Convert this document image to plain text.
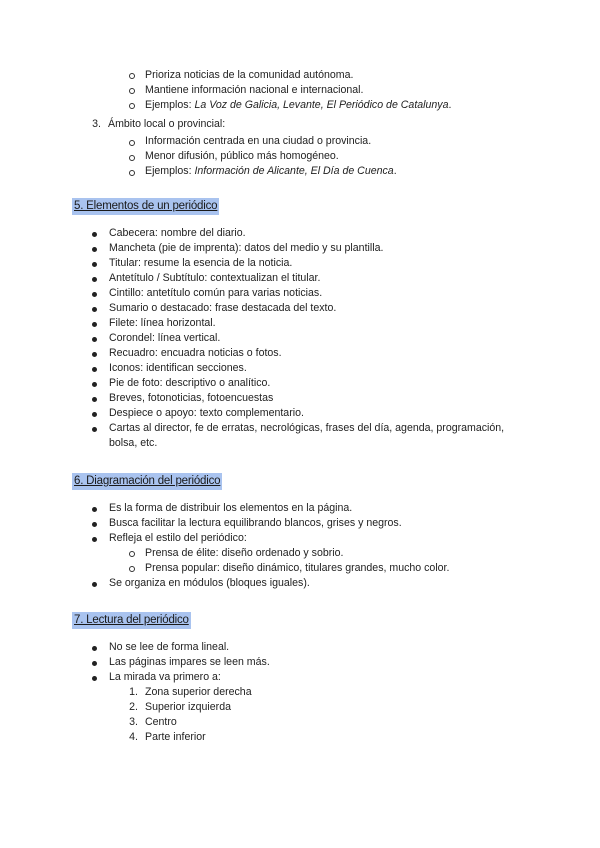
Prioriza noticias de la comunidad autónoma.
Mantiene información nacional e internacional.
Ejemplos: La Voz de Galicia, Levante, El Periódico de Catalunya.
3. Ámbito local o provincial:
Información centrada en una ciudad o provincia.
Menor difusión, público más homogéneo.
Ejemplos: Información de Alicante, El Día de Cuenca.
5. Elementos de un periódico
Cabecera: nombre del diario.
Mancheta (pie de imprenta): datos del medio y su plantilla.
Titular: resume la esencia de la noticia.
Antetítulo / Subtítulo: contextualizan el titular.
Cintillo: antetítulo común para varias noticias.
Sumario o destacado: frase destacada del texto.
Filete: línea horizontal.
Corondel: línea vertical.
Recuadro: encuadra noticias o fotos.
Iconos: identifican secciones.
Pie de foto: descriptivo o analítico.
Breves, fotonoticias, fotoencuestas
Despiece o apoyo: texto complementario.
Cartas al director, fe de erratas, necrológicas, frases del día, agenda, programación,
bolsa, etc.
6. Diagramación del periódico
Es la forma de distribuir los elementos en la página.
Busca facilitar la lectura equilibrando blancos, grises y negros.
Refleja el estilo del periódico:
Prensa de élite: diseño ordenado y sobrio.
Prensa popular: diseño dinámico, titulares grandes, mucho color.
Se organiza en módulos (bloques iguales).
7. Lectura del periódico
No se lee de forma lineal.
Las páginas impares se leen más.
La mirada va primero a:
1. Zona superior derecha
2. Superior izquierda
3. Centro
4. Parte inferior
